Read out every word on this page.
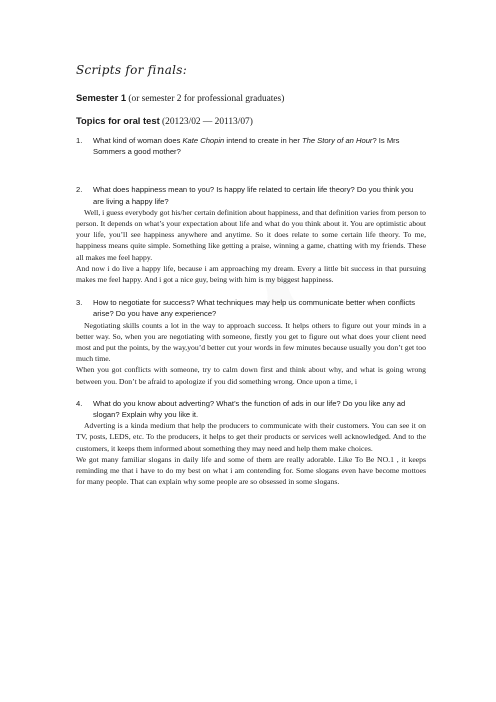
Scripts for finals:
Semester 1 (or semester 2 for professional graduates)
Topics for oral test (20123/02 — 20113/07)
1. What kind of woman does Kate Chopin intend to create in her The Story of an Hour? Is Mrs Sommers a good mother?
2. What does happiness mean to you? Is happy life related to certain life theory? Do you think you are living a happy life?

Well, i guess everybody got his/her certain definition about happiness, and that definition varies from person to person. It depends on what’s your expectation about life and what do you think about it. You are optimistic about your life, you’ll see happiness anywhere and anytime. So it does relate to some certain life theory. To me, happiness means quite simple. Something like getting a praise, winning a game, chatting with my friends. These all makes me feel happy.

And now i do live a happy life, because i am approaching my dream. Every a little bit success in that pursuing makes me feel happy. And i got a nice guy, being with him is my biggest happiness.

3. How to negotiate for success? What techniques may help us communicate better when conflicts arise? Do you have any experience?

Negotiating skills counts a lot in the way to approach success. It helps others to figure out your minds in a better way. So, when you are negotiating with someone, firstly you get to figure out what does your client need most and put the points, by the way,you’d better cut your words in few minutes because usually you don’t get too much time.

When you got conflicts with someone, try to calm down first and think about why, and what is going wrong between you. Don’t be afraid to apologize if you did something wrong. Once upon a time, i

4. What do you know about adverting? What’s the function of ads in our life? Do you like any ad slogan? Explain why you like it.

Adverting is a kinda medium that help the producers to communicate with their customers. You can see it on TV, posts, LEDS, etc. To the producers, it helps to get their products or services well acknowledged. And to the customers, it keeps them informed about something they may need and help them make choices.

We got many familiar slogans in daily life and some of them are really adorable. Like To Be NO.1 , it keeps reminding me that i have to do my best on what i am contending for. Some slogans even have become mottoes for many people. That can explain why some people are so obsessed in some slogans.
